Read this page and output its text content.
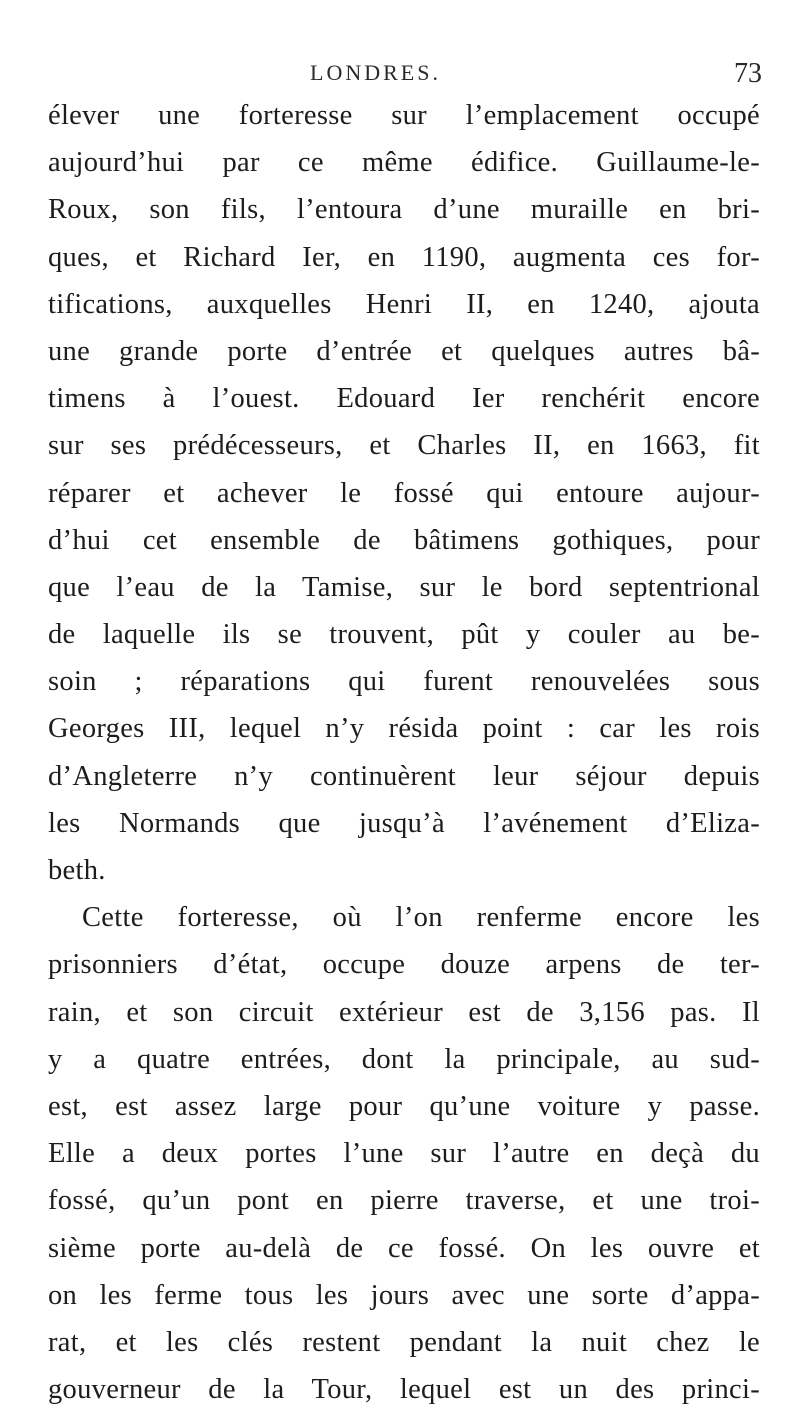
LONDRES.	73
élever une forteresse sur l’emplacement occupé
aujourd’hui par ce même édifice. Guillaume-le-
Roux, son fils, l’entoura d’une muraille en bri-
ques, et Richard Ier, en 1190, augmenta ces for-
tifications, auxquelles Henri II, en 1240, ajouta
une grande porte d’entrée et quelques autres bâ-
timens à l’ouest. Edouard Ier renchérit encore
sur ses prédécesseurs, et Charles II, en 1663, fit
réparer et achever le fossé qui entoure aujour-
d’hui cet ensemble de bâtimens gothiques, pour
que l’eau de la Tamise, sur le bord septentrional
de laquelle ils se trouvent, pût y couler au be-
soin ; réparations qui furent renouvelées sous
Georges III, lequel n’y résida point : car les rois
d’Angleterre n’y continuèrent leur séjour depuis
les Normands que jusqu’à l’avénement d’Eliza-
beth.
Cette forteresse, où l’on renferme encore les
prisonniers d’état, occupe douze arpens de ter-
rain, et son circuit extérieur est de 3,156 pas. Il
y a quatre entrées, dont la principale, au sud-
est, est assez large pour qu’une voiture y passe.
Elle a deux portes l’une sur l’autre en deçà du
fossé, qu’un pont en pierre traverse, et une troi-
sième porte au-delà de ce fossé. On les ouvre et
on les ferme tous les jours avec une sorte d’appa-
rat, et les clés restent pendant la nuit chez le
gouverneur de la Tour, lequel est un des princi-
